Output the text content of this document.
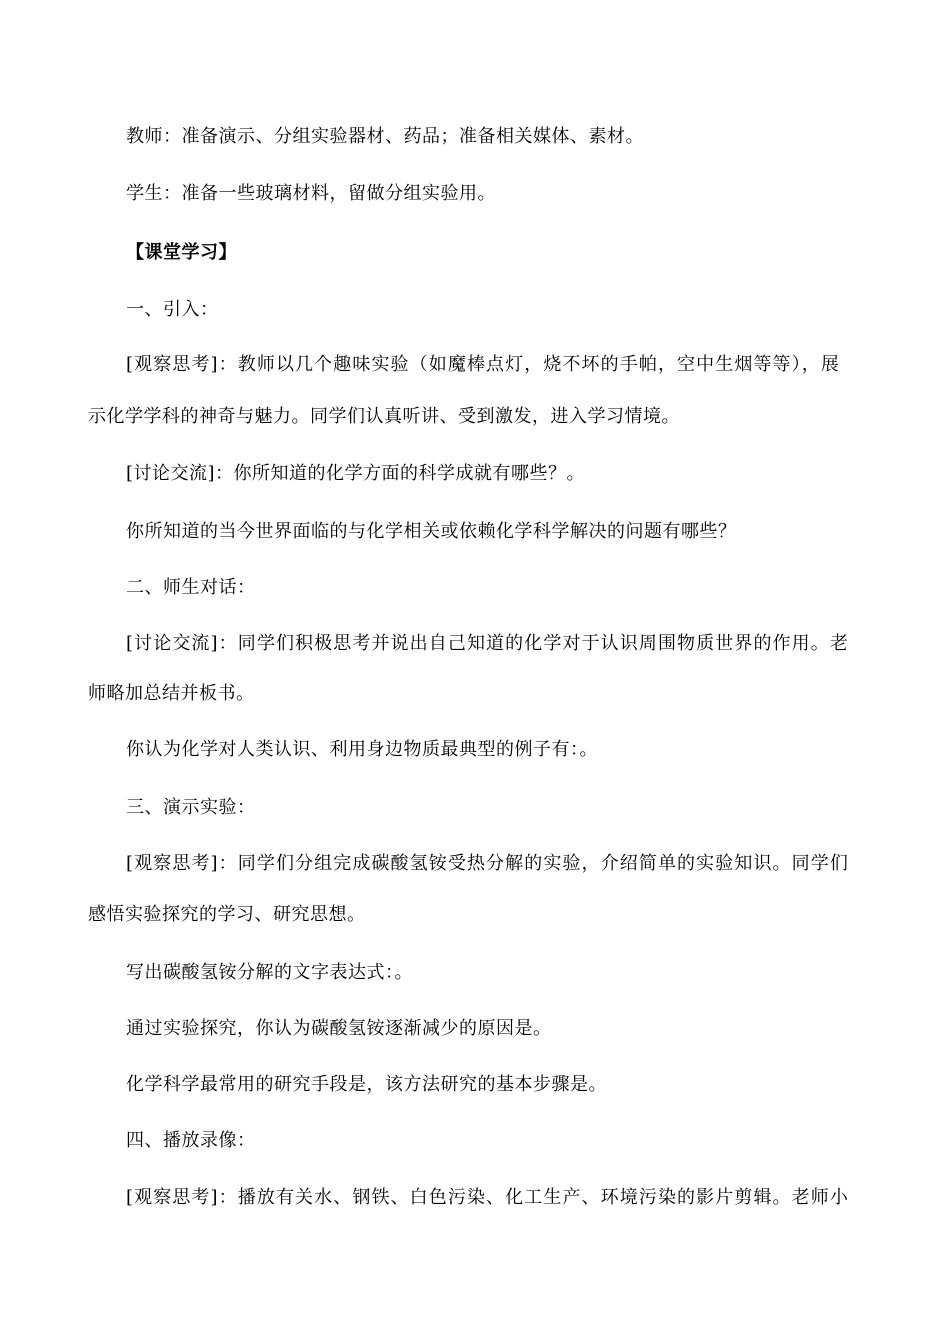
教师：准备演示、分组实验器材、药品；准备相关媒体、素材。
学生：准备一些玻璃材料，留做分组实验用。
【课堂学习】
一、引入：
[观察思考]：教师以几个趣味实验（如魔棒点灯，烧不坏的手帕，空中生烟等等），展
示化学学科的神奇与魅力。同学们认真听讲、受到激发，进入学习情境。
[讨论交流]：你所知道的化学方面的科学成就有哪些？。
你所知道的当今世界面临的与化学相关或依赖化学科学解决的问题有哪些？
二、师生对话：
[讨论交流]：同学们积极思考并说出自己知道的化学对于认识周围物质世界的作用。老
师略加总结并板书。
你认为化学对人类认识、利用身边物质最典型的例子有：。
三、演示实验：
[观察思考]：同学们分组完成碳酸氢铵受热分解的实验，介绍简单的实验知识。同学们
感悟实验探究的学习、研究思想。
写出碳酸氢铵分解的文字表达式：。
通过实验探究，你认为碳酸氢铵逐渐减少的原因是。
化学科学最常用的研究手段是，该方法研究的基本步骤是。
四、播放录像：
[观察思考]：播放有关水、钢铁、白色污染、化工生产、环境污染的影片剪辑。老师小
